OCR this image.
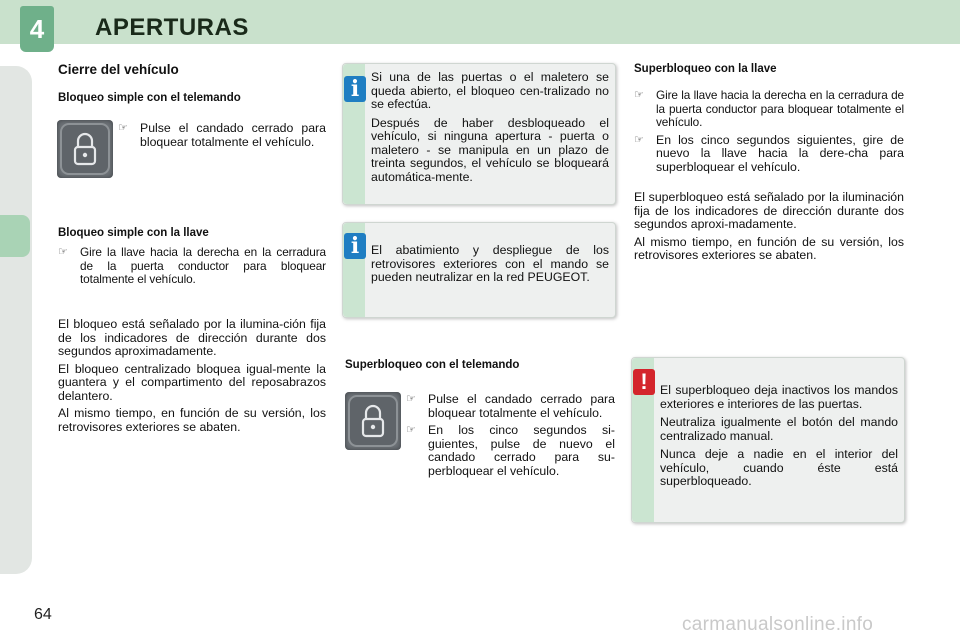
4	APERTURAS
Cierre del vehículo
Bloqueo simple con el telemando
☞ Pulse el candado cerrado para bloquear totalmente el vehículo.
Bloqueo simple con la llave
☞	Gire la llave hacia la derecha en la cerradura de la puerta conductor para bloquear totalmente el vehículo.

El bloqueo está señalado por la ilumina-ción fija de los indicadores de dirección durante dos segundos aproximadamente.

El bloqueo centralizado bloquea igual-mente la guantera y el compartimento del reposabrazos delantero.

Al mismo tiempo, en función de su versión, los retrovisores exteriores se abaten.

i Si una de las puertas o el maletero se queda abierto, el bloqueo cen-tralizado no se efectúa.

Después de haber desbloqueado el vehículo, si ninguna apertura - puerta o maletero - se manipula en un plazo de treinta segundos, el vehículo se bloqueará automática-mente.

i El abatimiento y despliegue de los retrovisores exteriores con el mando se pueden neutralizar en la red PEUGEOT.

Superbloqueo con el telemando
☞ Pulse el candado cerrado para bloquear totalmente el vehículo.
☞ En los cinco segundos si-guientes, pulse de nuevo el candado cerrado para su-perbloquear el vehículo.
Superbloqueo con la llave
☞	Gire la llave hacia la derecha en la cerradura de la puerta conductor para bloquear totalmente el vehículo.
☞ En los cinco segundos siguientes, gire de nuevo la llave hacia la dere-cha para superbloquear el vehículo.

El superbloqueo está señalado por la iluminación fija de los indicadores de dirección durante dos segundos aproxi-madamente.

Al mismo tiempo, en función de su versión, los retrovisores exteriores se abaten.

!	El superbloqueo deja inactivos los mandos exteriores e interiores de las puertas.

Neutraliza igualmente el botón del mando centralizado manual.

Nunca deje a nadie en el interior del vehículo, cuando éste está superbloqueado.

64	carmanualsonline.info
